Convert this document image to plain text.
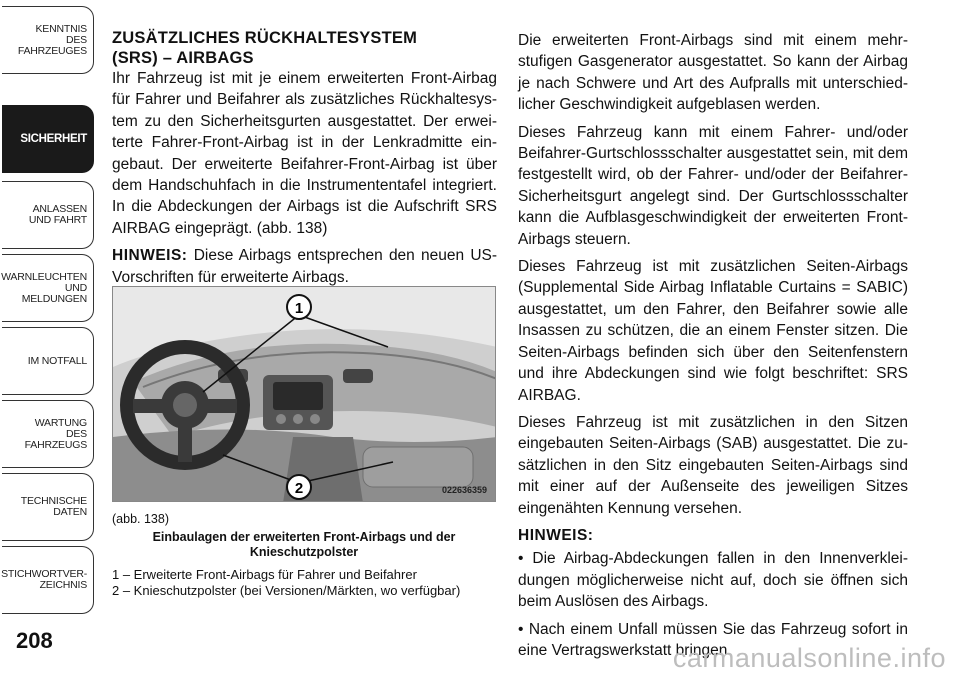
KENNTNIS
DES
FAHRZEUGES
SICHERHEIT
ANLASSEN
UND FAHRT
WARNLEUCHTEN
UND
MELDUNGEN
IM NOTFALL
WARTUNG
DES
FAHRZEUGS
TECHNISCHE
DATEN
STICHWORTVER-
ZEICHNIS
208
ZUSÄTZLICHES RÜCKHALTESYSTEM
(SRS) – AIRBAGS

Ihr Fahrzeug ist mit je einem erweiterten Front-Airbag für Fahrer und Beifahrer als zusätzliches Rückhaltesystem zu den Sicherheitsgurten ausgestattet. Der erweiterte Fahrer-Front-Airbag ist in der Lenkradmitte eingebaut. Der erweiterte Beifahrer-Front-Airbag ist über dem Handschuhfach in die Instrumententafel integriert. In die Abdeckungen der Airbags ist die Aufschrift SRS AIRBAG eingeprägt. (abb. 138)

HINWEIS: Diese Airbags entsprechen den neuen US-Vorschriften für erweiterte Airbags.

1
2	022636359
(abb. 138)
Einbaulagen der erweiterten Front-Airbags und der Knieschutzpolster
1 – Erweiterte Front-Airbags für Fahrer und Beifahrer
2 – Knieschutzpolster (bei Versionen/Märkten, wo verfügbar)

Die erweiterten Front-Airbags sind mit einem mehrstufigen Gasgenerator ausgestattet. So kann der Airbag je nach Schwere und Art des Aufpralls mit unterschiedlicher Geschwindigkeit aufgeblasen werden.

Dieses Fahrzeug kann mit einem Fahrer- und/oder Beifahrer-Gurtschlossschalter ausgestattet sein, mit dem festgestellt wird, ob der Fahrer- und/oder der Beifahrer-Sicherheitsgurt angelegt sind. Der Gurtschlossschalter kann die Aufblasgeschwindigkeit der erweiterten Front-Airbags steuern.

Dieses Fahrzeug ist mit zusätzlichen Seiten-Airbags (Supplemental Side Airbag Inflatable Curtains = SABIC) ausgestattet, um den Fahrer, den Beifahrer sowie alle Insassen zu schützen, die an einem Fenster sitzen. Die Seiten-Airbags befinden sich über den Seitenfenstern und ihre Abdeckungen sind wie folgt beschriftet: SRS AIRBAG.

Dieses Fahrzeug ist mit zusätzlichen in den Sitzen eingebauten Seiten-Airbags (SAB) ausgestattet. Die zusätzlichen in den Sitz eingebauten Seiten-Airbags sind mit einer auf der Außenseite des jeweiligen Sitzes eingenähten Kennung versehen.

HINWEIS:

• Die Airbag-Abdeckungen fallen in den Innenverkleidungen möglicherweise nicht auf, doch sie öffnen sich beim Auslösen des Airbags.

• Nach einem Unfall müssen Sie das Fahrzeug sofort in eine Vertragswerkstatt bringen.

carmanualsonline.info
